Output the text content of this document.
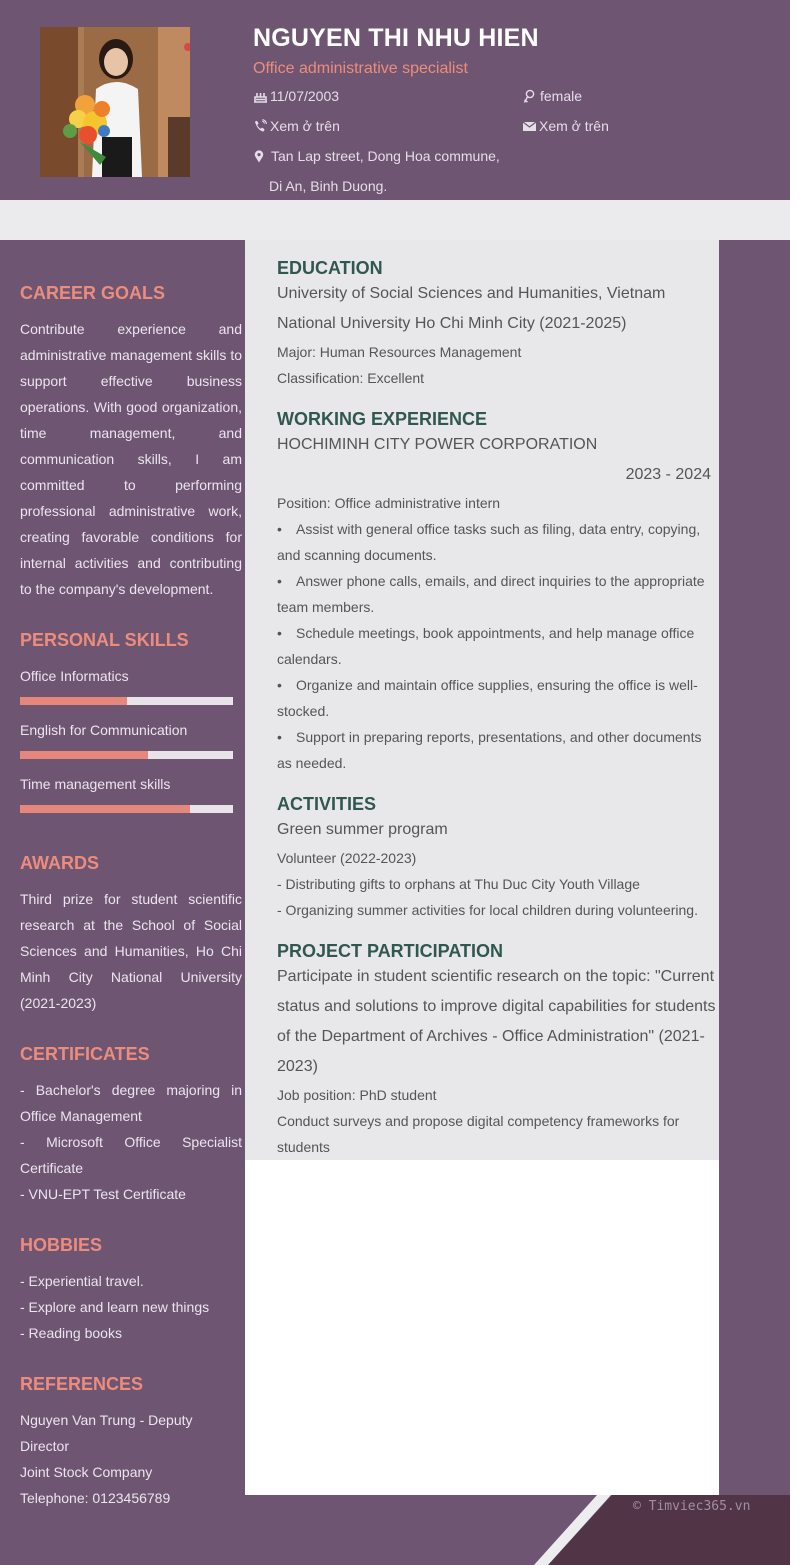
NGUYEN THI NHU HIEN
Office administrative specialist
11/07/2003	female
Xem ở trên	Xem ở trên
Tan Lap street, Dong Hoa commune,
Di An, Binh Duong.
© Timviec365.vn
CAREER GOALS

Contribute experience and administrative management skills to support effective business operations. With good organization, time management, and communication skills, I am committed to performing professional administrative work, creating favorable conditions for internal activities and contributing to the company's development.

PERSONAL SKILLS
Office Informatics
English for Communication
Time management skills
AWARDS

Third prize for student scientific research at the School of Social Sciences and Humanities, Ho Chi Minh City National University (2021-2023)

CERTIFICATES

- Bachelor's degree majoring in Office Management

- Microsoft Office Specialist Certificate

- VNU-EPT Test Certificate

HOBBIES

- Experiential travel.

- Explore and learn new things

- Reading books

REFERENCES

Nguyen Van Trung - Deputy Director

Joint Stock Company

Telephone: 0123456789

EDUCATION

University of Social Sciences and Humanities, Vietnam National University Ho Chi Minh City (2021-2025)

Major: Human Resources Management

Classification: Excellent

WORKING EXPERIENCE
HOCHIMINH CITY POWER CORPORATION
2023 - 2024

Position: Office administrative intern

• Assist with general office tasks such as filing, data entry, copying, and scanning documents.

• Answer phone calls, emails, and direct inquiries to the appropriate team members.

• Schedule meetings, book appointments, and help manage office calendars.

• Organize and maintain office supplies, ensuring the office is well-stocked.

• Support in preparing reports, presentations, and other documents as needed.

ACTIVITIES
Green summer program

Volunteer (2022-2023)

- Distributing gifts to orphans at Thu Duc City Youth Village

- Organizing summer activities for local children during volunteering.

PROJECT PARTICIPATION

Participate in student scientific research on the topic: "Current status and solutions to improve digital capabilities for students of the Department of Archives - Office Administration" (2021-2023)

Job position: PhD student

Conduct surveys and propose digital competency frameworks for students
